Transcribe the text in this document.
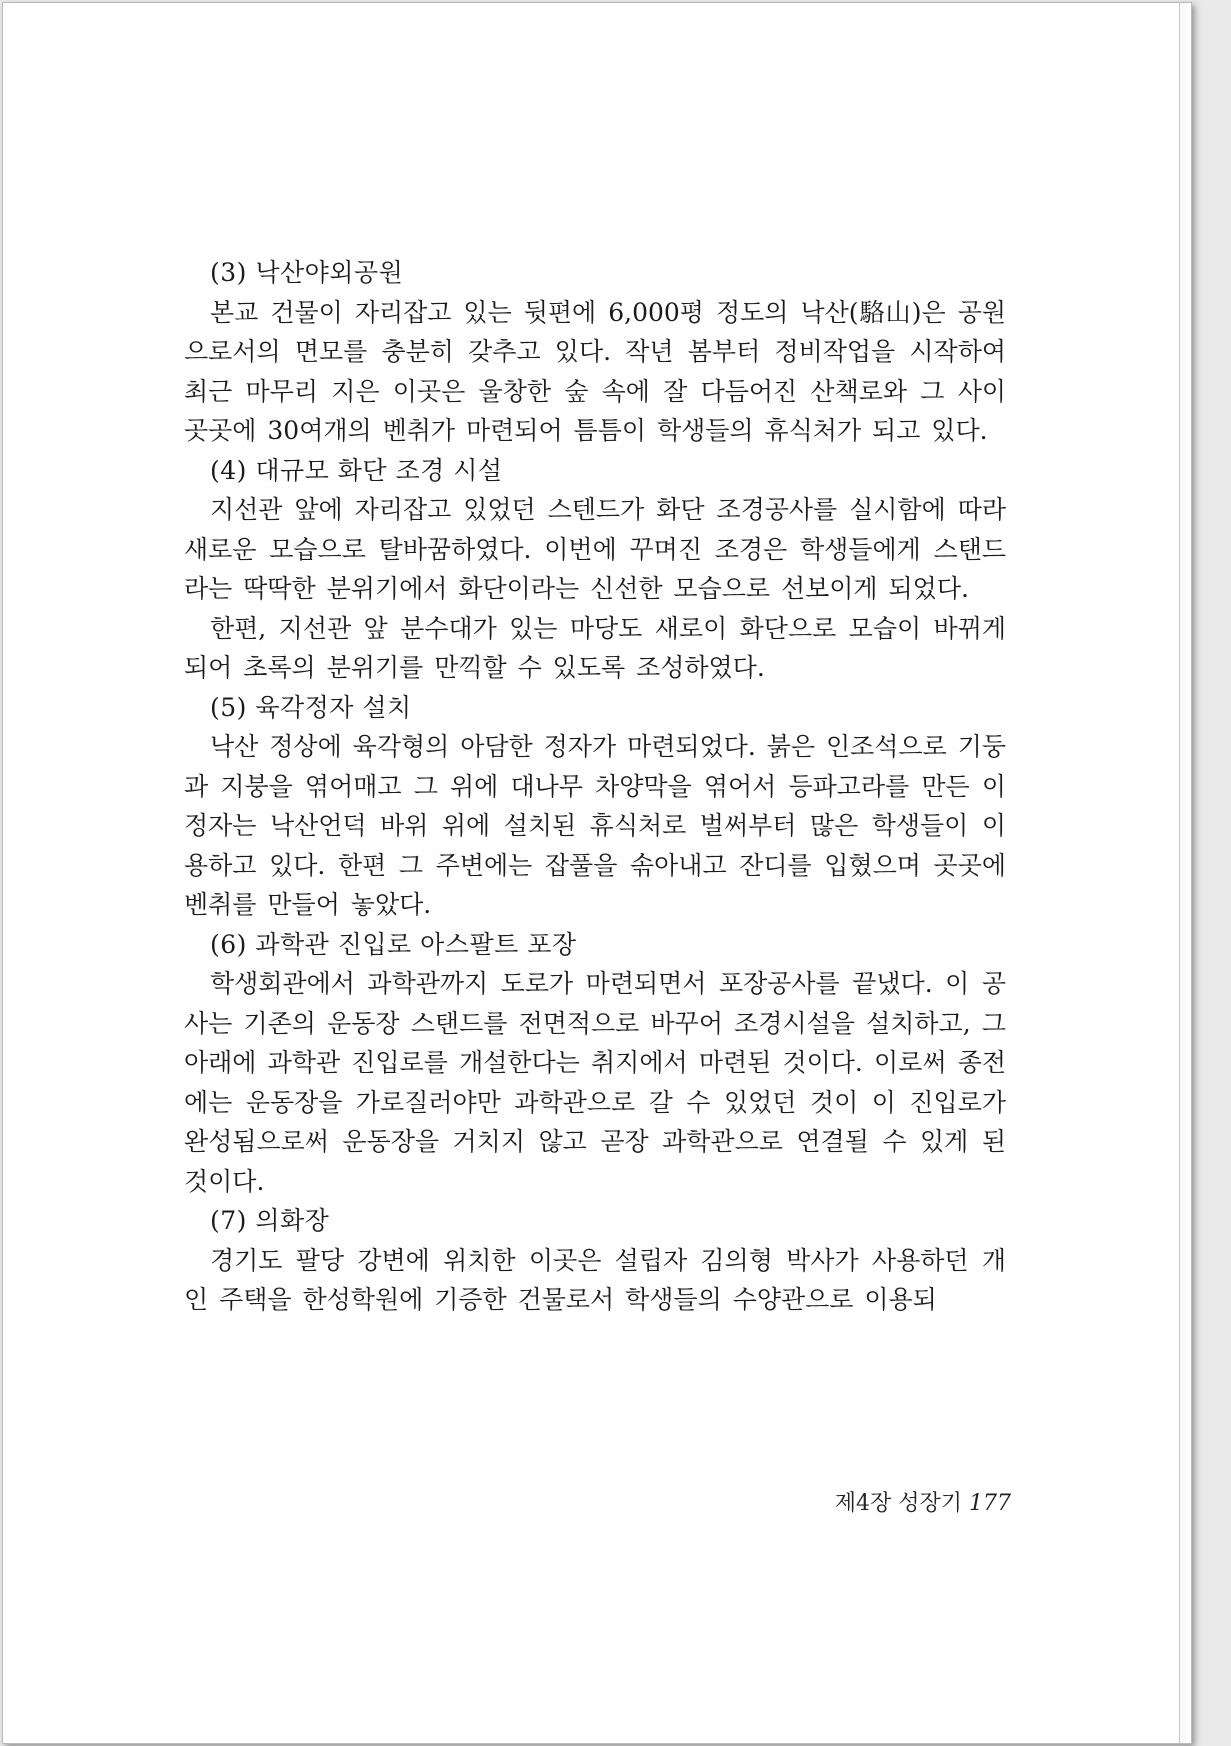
(3) 낙산야외공원

본교 건물이 자리잡고 있는 뒷편에 6,000평 정도의 낙산(駱山)은 공원으로서의 면모를 충분히 갖추고 있다. 작년 봄부터 정비작업을 시작하여 최근 마무리 지은 이곳은 울창한 숲 속에 잘 다듬어진 산책로와 그 사이 곳곳에 30여개의 벤취가 마련되어 틈틈이 학생들의 휴식처가 되고 있다.

(4) 대규모 화단 조경 시설

지선관 앞에 자리잡고 있었던 스텐드가 화단 조경공사를 실시함에 따라 새로운 모습으로 탈바꿈하였다. 이번에 꾸며진 조경은 학생들에게 스탠드라는 딱딱한 분위기에서 화단이라는 신선한 모습으로 선보이게 되었다.

한편, 지선관 앞 분수대가 있는 마당도 새로이 화단으로 모습이 바뀌게 되어 초록의 분위기를 만끽할 수 있도록 조성하였다.

(5) 육각정자 설치

낙산 정상에 육각형의 아담한 정자가 마련되었다. 붉은 인조석으로 기둥과 지붕을 엮어매고 그 위에 대나무 차양막을 엮어서 등파고라를 만든 이 정자는 낙산언덕 바위 위에 설치된 휴식처로 벌써부터 많은 학생들이 이용하고 있다. 한편 그 주변에는 잡풀을 솎아내고 잔디를 입혔으며 곳곳에 벤취를 만들어 놓았다.

(6) 과학관 진입로 아스팔트 포장

학생회관에서 과학관까지 도로가 마련되면서 포장공사를 끝냈다. 이 공사는 기존의 운동장 스탠드를 전면적으로 바꾸어 조경시설을 설치하고, 그 아래에 과학관 진입로를 개설한다는 취지에서 마련된 것이다. 이로써 종전에는 운동장을 가로질러야만 과학관으로 갈 수 있었던 것이 이 진입로가 완성됨으로써 운동장을 거치지 않고 곧장 과학관으로 연결될 수 있게 된 것이다.

(7) 의화장

경기도 팔당 강변에 위치한 이곳은 설립자 김의형 박사가 사용하던 개인 주택을 한성학원에 기증한 건물로서 학생들의 수양관으로 이용되

제4장 성장기 177
